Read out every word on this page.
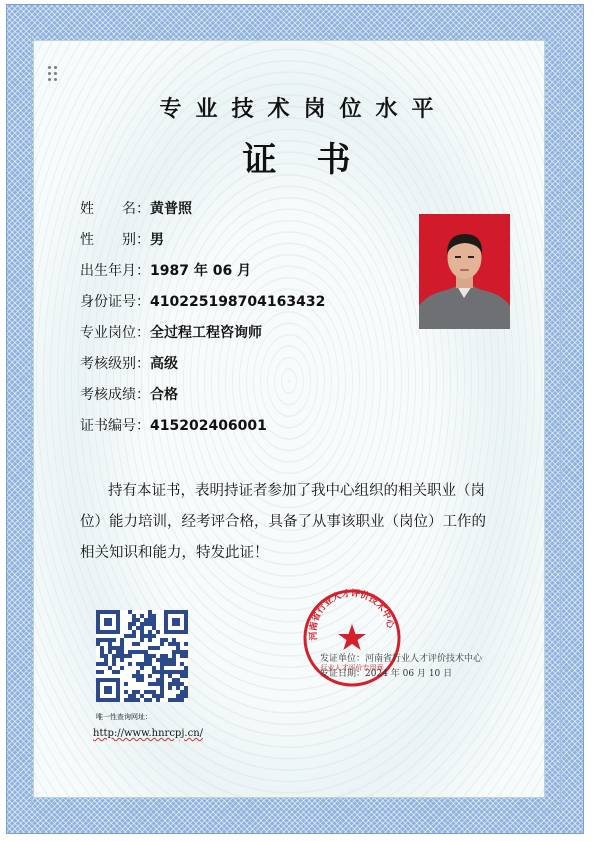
专业技术岗位水平
证书
姓　　名：黄普照
性　　别：男
出生年月：1987 年 06 月
身份证号：410225198704163432
专业岗位：全过程工程咨询师
考核级别：高级
考核成绩：合格
证书编号：415202406001
持有本证书，表明持证者参加了我中心组织的相关职业（岗位）能力培训，经考评合格，具备了从事该职业（岗位）工作的相关知识和能力，特发此证！
唯一性查询网址：
http://www.hnrcpj.cn/
河南省行业人才评价技术中心
行业人才评价专用章
发证单位：河南省行业人才评价技术中心
发证日期：2024 年 06 月 10 日
